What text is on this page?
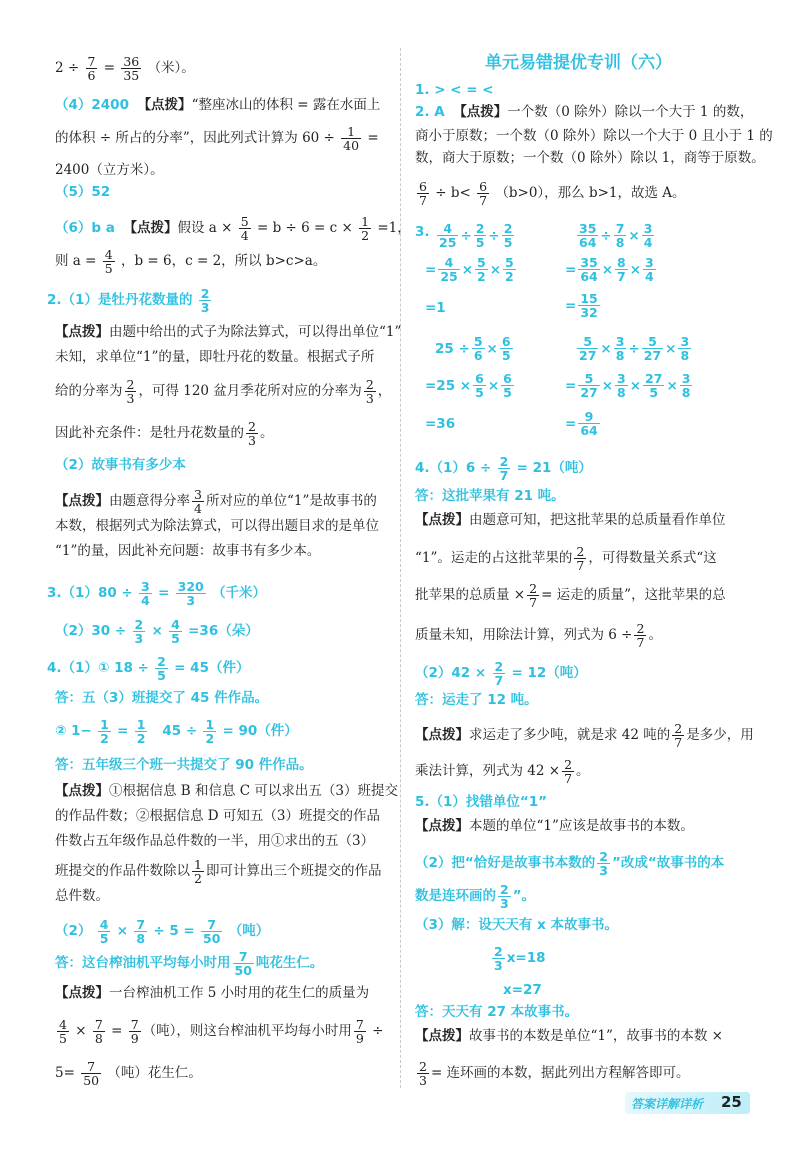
$2 \div \frac{7}{6} = \frac{36}{35}$ （米）。
（4）2400 【点拨】“整座冰山的体积 = 露在水面上
的体积 ÷ 所占的分率”，因此列式计算为 $60 \div \frac{1}{40}$ =
2400（立方米）。
（5）52
（6）b a 【点拨】假设 $a \times \frac{5}{4} = b \div 6 = c \times \frac{1}{2} =1$，
则 $a = \frac{4}{5}$ ，b = 6，c = 2，所以 b>c>a。
2.（1）是牡丹花数量的 $\frac{2}{3}$
【点拨】由题中给出的式子为除法算式，可以得出单位“1”
未知，求单位“1”的量，即牡丹花的数量。根据式子所
给的分率为 $\frac{2}{3}$ ，可得 120 盆月季花所对应的分率为 $\frac{2}{3}$ ，
因此补充条件：是牡丹花数量的 $\frac{2}{3}$ 。
（2）故事书有多少本
【点拨】由题意得分率 $\frac{3}{4}$ 所对应的单位“1”是故事书的
本数，根据列式为除法算式，可以得出题目求的是单位
“1”的量，因此补充问题：故事书有多少本。
$3.(1)80 \div \frac{3}{4} = \frac{320}{3}$ （千米）
$(2)30 \div \frac{2}{3} \times \frac{4}{5} =36$（朵）
4.（1）① $18 \div \frac{2}{5} = 45$（件）
答：五（3）班提交了 45 件作品。
② $1- \frac{1}{2} = \frac{1}{2} 45 \div \frac{1}{2} = 90$（件）
答：五年级三个班一共提交了 90 件作品。
【点拨】①根据信息 B 和信息 C 可以求出五（3）班提交
的作品件数；②根据信息 D 可知五（3）班提交的作品
件数占五年级作品总件数的一半，用①求出的五（3）
班提交的作品件数除以 $\frac{1}{2}$ 即可计算出三个班提交的作品
总件数。
$(2) \frac{4}{5} \times \frac{7}{8} \div 5 = \frac{7}{50}$ （吨）
答：这台榨油机平均每小时用 $\frac{7}{50}$ 吨花生仁。
【点拨】一台榨油机工作 5 小时用的花生仁的质量为
$\frac{4}{5} \times \frac{7}{8} = \frac{7}{9}$ （吨），则这台榨油机平均每小时用 $\frac{7}{9}$ ÷
$5= \frac{7}{50}$ （吨）花生仁。
单元易错提优专训（六）
1. > < = <
2. A 【点拨】一个数（0 除外）除以一个大于 1 的数，
商小于原数；一个数（0 除外）除以一个大于 0 且小于 1 的
数，商大于原数；一个数（0 除外）除以 1，商等于原数。
$\frac{6}{7} \div b< \frac{6}{7} (b>0)$，那么 b>1，故选 A。
3. $\frac{4}{25} \div \frac{2}{5} \div \frac{2}{5}$
= $\frac{4}{25} \times \frac{5}{2} \times \frac{5}{2}$
=1
$\frac{35}{64} \div \frac{7}{8} \times \frac{3}{4}$
= $\frac{35}{64} \times \frac{8}{7} \times \frac{3}{4}$
= $\frac{15}{32}$
$25 \div \frac{5}{6} \times \frac{6}{5}$
$=25 \times \frac{6}{5} \times \frac{6}{5}$
=36
$\frac{5}{27} \times \frac{3}{8} \div \frac{5}{27} \times \frac{3}{8}$
= $\frac{5}{27} \times \frac{3}{8} \times \frac{27}{5} \times \frac{3}{8}$
= $\frac{9}{64}$
$4.(1)6 \div \frac{2}{7} = 21$（吨）
答：这批苹果有 21 吨。
【点拨】由题意可知，把这批苹果的总质量看作单位
“1”。运走的占这批苹果的 $\frac{2}{7}$ ，可得数量关系式“这
批苹果的总质量 × $\frac{2}{7}$ = 运走的质量”，这批苹果的总
质量未知，用除法计算，列式为 $6 \div \frac{2}{7}$ 。
$(2)42 \times \frac{2}{7} = 12$（吨）
答：运走了 12 吨。
【点拨】求运走了多少吨，就是求 42 吨的 $\frac{2}{7}$ 是多少，用
乘法计算，列式为 $42 \times \frac{2}{7}$ 。
5.（1）找错单位“1”
【点拨】本题的单位“1”应该是故事书的本数。
（2）把“恰好是故事书本数的 $\frac{2}{3}$ ”改成“故事书的本
数是连环画的 $\frac{2}{3}$ ”。
（3）解：设天天有 x 本故事书。
$\frac{2}{3} x=18$
x=27
答：天天有 27 本故事书。
【点拨】故事书的本数是单位“1”，故事书的本数 ×
$\frac{2}{3}$ = 连环画的本数，据此列出方程解答即可。
答案详解详析 25
